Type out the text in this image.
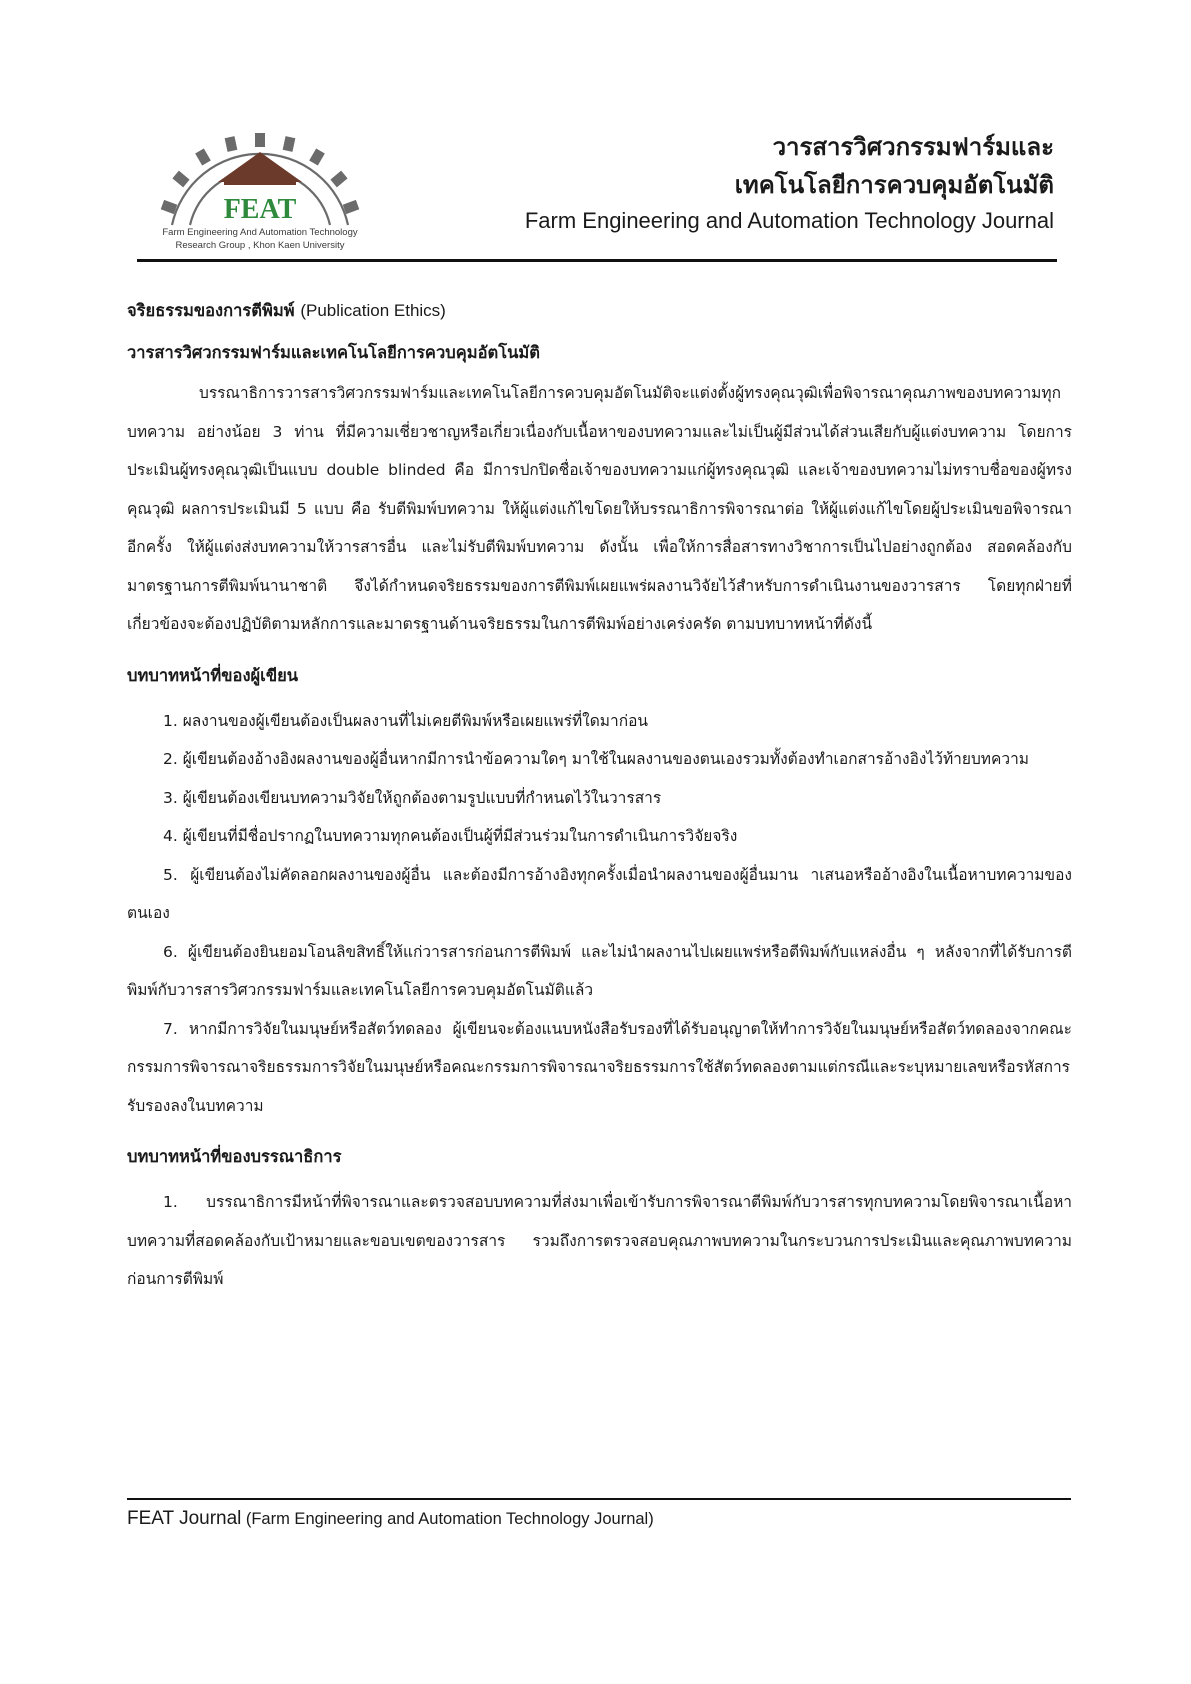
FEAT
Farm Engineering And Automation Technology
Research Group , Khon Kaen University
วารสารวิศวกรรมฟาร์มและ
เทคโนโลยีการควบคุมอัตโนมัติ
Farm Engineering and Automation Technology Journal
จริยธรรมของการตีพิมพ์ (Publication Ethics)
วารสารวิศวกรรมฟาร์มและเทคโนโลยีการควบคุมอัตโนมัติ

บรรณาธิการวารสารวิศวกรรมฟาร์มและเทคโนโลยีการควบคุมอัตโนมัติจะแต่งตั้งผู้ทรงคุณวุฒิเพื่อพิจารณาคุณภาพของบทความทุกบทความ อย่างน้อย 3 ท่าน ที่มีความเชี่ยวชาญหรือเกี่ยวเนื่องกับเนื้อหาของบทความและไม่เป็นผู้มีส่วนได้ส่วนเสียกับผู้แต่งบทความ โดยการประเมินผู้ทรงคุณวุฒิเป็นแบบ double blinded คือ มีการปกปิดชื่อเจ้าของบทความแก่ผู้ทรงคุณวุฒิ และเจ้าของบทความไม่ทราบชื่อของผู้ทรงคุณวุฒิ ผลการประเมินมี 5 แบบ คือ รับตีพิมพ์บทความ ให้ผู้แต่งแก้ไขโดยให้บรรณาธิการพิจารณาต่อ ให้ผู้แต่งแก้ไขโดยผู้ประเมินขอพิจารณาอีกครั้ง ให้ผู้แต่งส่งบทความให้วารสารอื่น และไม่รับตีพิมพ์บทความ ดังนั้น เพื่อให้การสื่อสารทางวิชาการเป็นไปอย่างถูกต้อง สอดคล้องกับมาตรฐานการตีพิมพ์นานาชาติ จึงได้กำหนดจริยธรรมของการตีพิมพ์เผยแพร่ผลงานวิจัยไว้สำหรับการดำเนินงานของวารสาร โดยทุกฝ่ายที่เกี่ยวข้องจะต้องปฏิบัติตามหลักการและมาตรฐานด้านจริยธรรมในการตีพิมพ์อย่างเคร่งครัด ตามบทบาทหน้าที่ดังนี้

บทบาทหน้าที่ของผู้เขียน

1. ผลงานของผู้เขียนต้องเป็นผลงานที่ไม่เคยตีพิมพ์หรือเผยแพร่ที่ใดมาก่อน

2. ผู้เขียนต้องอ้างอิงผลงานของผู้อื่นหากมีการนำข้อความใดๆ มาใช้ในผลงานของตนเองรวมทั้งต้องทำเอกสารอ้างอิงไว้ท้ายบทความ

3. ผู้เขียนต้องเขียนบทความวิจัยให้ถูกต้องตามรูปแบบที่กำหนดไว้ในวารสาร

4. ผู้เขียนที่มีชื่อปรากฏในบทความทุกคนต้องเป็นผู้ที่มีส่วนร่วมในการดำเนินการวิจัยจริง

5. ผู้เขียนต้องไม่คัดลอกผลงานของผู้อื่น และต้องมีการอ้างอิงทุกครั้งเมื่อนำผลงานของผู้อื่นมาน าเสนอหรืออ้างอิงในเนื้อหาบทความของตนเอง

6. ผู้เขียนต้องยินยอมโอนลิขสิทธิ์ให้แก่วารสารก่อนการตีพิมพ์ และไม่นำผลงานไปเผยแพร่หรือตีพิมพ์กับแหล่งอื่น ๆ หลังจากที่ได้รับการตีพิมพ์กับวารสารวิศวกรรมฟาร์มและเทคโนโลยีการควบคุมอัตโนมัติแล้ว

7. หากมีการวิจัยในมนุษย์หรือสัตว์ทดลอง ผู้เขียนจะต้องแนบหนังสือรับรองที่ได้รับอนุญาตให้ทำการวิจัยในมนุษย์หรือสัตว์ทดลองจากคณะกรรมการพิจารณาจริยธรรมการวิจัยในมนุษย์หรือคณะกรรมการพิจารณาจริยธรรมการใช้สัตว์ทดลองตามแต่กรณีและระบุหมายเลขหรือรหัสการรับรองลงในบทความ

บทบาทหน้าที่ของบรรณาธิการ

1. บรรณาธิการมีหน้าที่พิจารณาและตรวจสอบบทความที่ส่งมาเพื่อเข้ารับการพิจารณาตีพิมพ์กับวารสารทุกบทความโดยพิจารณาเนื้อหาบทความที่สอดคล้องกับเป้าหมายและขอบเขตของวารสาร รวมถึงการตรวจสอบคุณภาพบทความในกระบวนการประเมินและคุณภาพบทความก่อนการตีพิมพ์

FEAT Journal (Farm Engineering and Automation Technology Journal)
